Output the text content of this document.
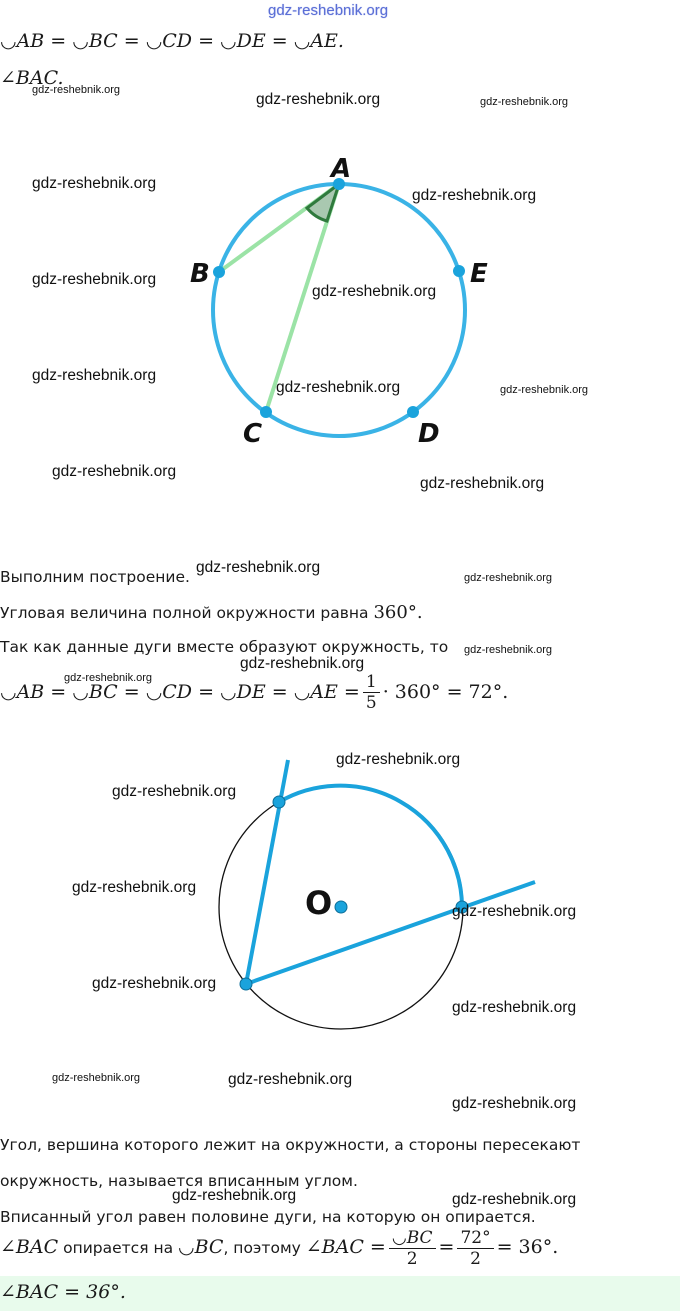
gdz-reshebnik.org
◡AB = ◡BC = ◡CD = ◡DE = ◡AE.
∠BAC.
A
B
C	D
E
Выполним построение.
Угловая величина полной окружности равна 360°.
Так как данные дуги вместе образуют окружность, то
◡AB = ◡BC = ◡CD = ◡DE = ◡AE = $\frac{1}{5} \cdot 360^\circ = 72^\circ$.
O
Угол, вершина которого лежит на окружности, а стороны пересекают
окружность, называется вписанным углом.
Вписанный угол равен половине дуги, на которую он опирается.
∠BAC опирается на ◡BC, поэтому ∠BAC = $\frac{◡BC}{2} = \frac{72^\circ}{2} = 36^\circ$.
∠BAC = 36°.
gdz-reshebnik.org
gdz-reshebnik.org	gdz-reshebnik.org
gdz-reshebnik.org
gdz-reshebnik.org
gdz-reshebnik.org
gdz-reshebnik.org
gdz-reshebnik.org
gdz-reshebnik.org	gdz-reshebnik.org
gdz-reshebnik.org
gdz-reshebnik.org
gdz-reshebnik.org
gdz-reshebnik.org
gdz-reshebnik.org
gdz-reshebnik.org
gdz-reshebnik.org
gdz-reshebnik.org
gdz-reshebnik.org
gdz-reshebnik.org
gdz-reshebnik.org
gdz-reshebnik.org
gdz-reshebnik.org
gdz-reshebnik.org	gdz-reshebnik.org
gdz-reshebnik.org
gdz-reshebnik.org	gdz-reshebnik.org
